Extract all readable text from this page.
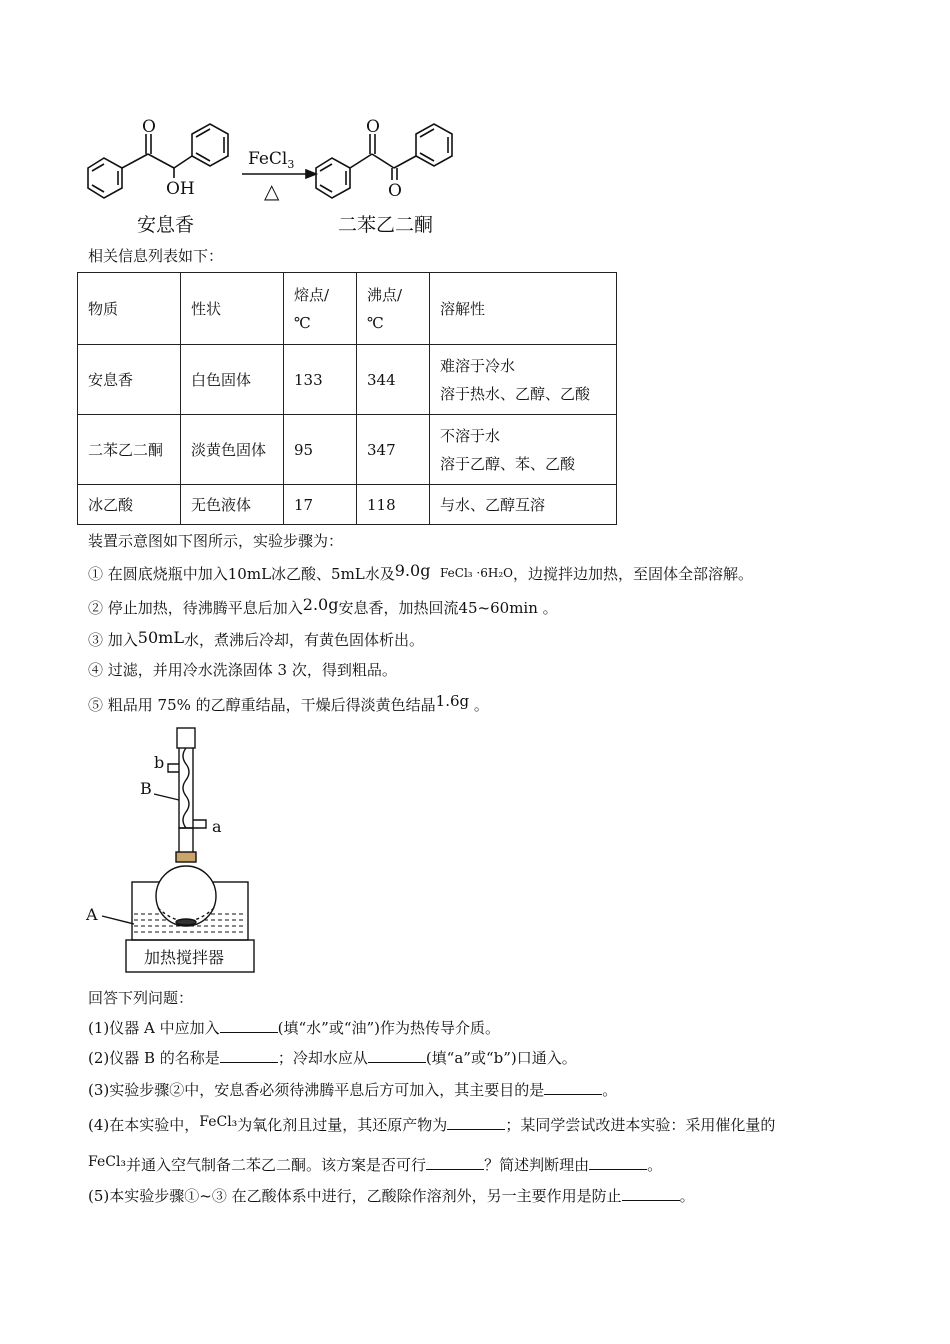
O
OH
O
O
FeCl$_3$
△
安息香	二苯乙二酮
相关信息列表如下：
物质	性状	熔点/℃	沸点/℃	溶解性
安息香	白色固体	133	344	难溶于冷水
溶于热水、乙醇、乙酸

二苯乙二酮	淡黄色固体	95	347	不溶于水
溶于乙醇、苯、乙酸

冰乙酸	无色液体	17	118	与水、乙醇互溶
装置示意图如下图所示，实验步骤为：
① 在圆底烧瓶中加入10mL冰乙酸、5mL水及9.0g FeCl₃ ·6H₂O，边搅拌边加热，至固体全部溶解。
② 停止加热，待沸腾平息后加入2.0g安息香，加热回流45~60min 。
③ 加入50mL水，煮沸后冷却，有黄色固体析出。
④ 过滤，并用冷水洗涤固体 3 次，得到粗品。
⑤ 粗品用 75% 的乙醇重结晶，干燥后得淡黄色结晶1.6g 。
b
B
a
A
加热搅拌器
回答下列问题：
(1)仪器 A 中应加入	(填“水”或“油”)作为热传导介质。
(2)仪器 B 的名称是	；冷却水应从	(填“a”或“b”)口通入。
(3)实验步骤②中，安息香必须待沸腾平息后方可加入，其主要目的是	。
(4)在本实验中，FeCl₃为氧化剂且过量，其还原产物为	；某同学尝试改进本实验：采用催化量的
FeCl₃并通入空气制备二苯乙二酮。该方案是否可行	？简述判断理由	。
(5)本实验步骤①~③ 在乙酸体系中进行，乙酸除作溶剂外，另一主要作用是防止	。
